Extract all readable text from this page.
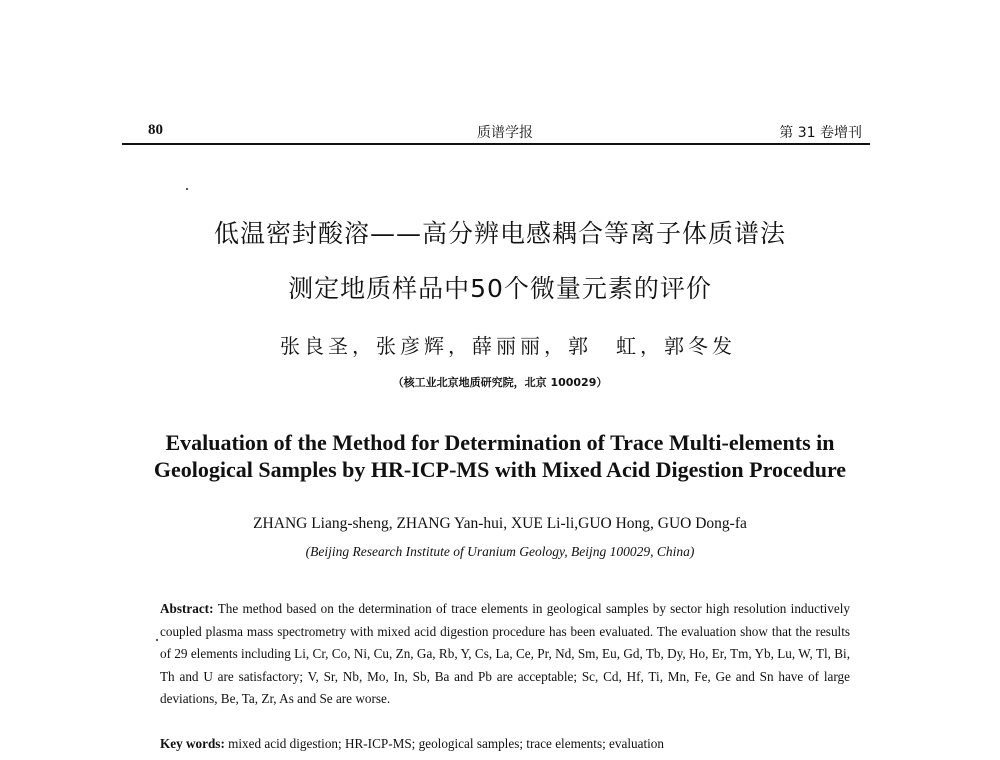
80	质谱学报	第 31 卷增刊
低温密封酸溶——高分辨电感耦合等离子体质谱法
测定地质样品中50个微量元素的评价
张良圣，张彦辉，薛丽丽，郭　虹，郭冬发
（核工业北京地质研究院，北京 100029）
Evaluation of the Method for Determination of Trace Multi-elements in
Geological Samples by HR-ICP-MS with Mixed Acid Digestion Procedure
ZHANG Liang-sheng, ZHANG Yan-hui, XUE Li-li,GUO Hong, GUO Dong-fa
(Beijing Research Institute of Uranium Geology, Beijng 100029, China)
Abstract: The method based on the determination of trace elements in geological samples by sector high resolution inductively coupled plasma mass spectrometry with mixed acid digestion procedure has been evaluated. The evaluation show that the results of 29 elements including Li, Cr, Co, Ni, Cu, Zn, Ga, Rb, Y, Cs, La, Ce, Pr, Nd, Sm, Eu, Gd, Tb, Dy, Ho, Er, Tm, Yb, Lu, W, Tl, Bi, Th and U are satisfactory; V, Sr, Nb, Mo, In, Sb, Ba and Pb are acceptable; Sc, Cd, Hf, Ti, Mn, Fe, Ge and Sn have of large deviations, Be, Ta, Zr, As and Se are worse.
Key words: mixed acid digestion; HR-ICP-MS; geological samples; trace elements; evaluation
